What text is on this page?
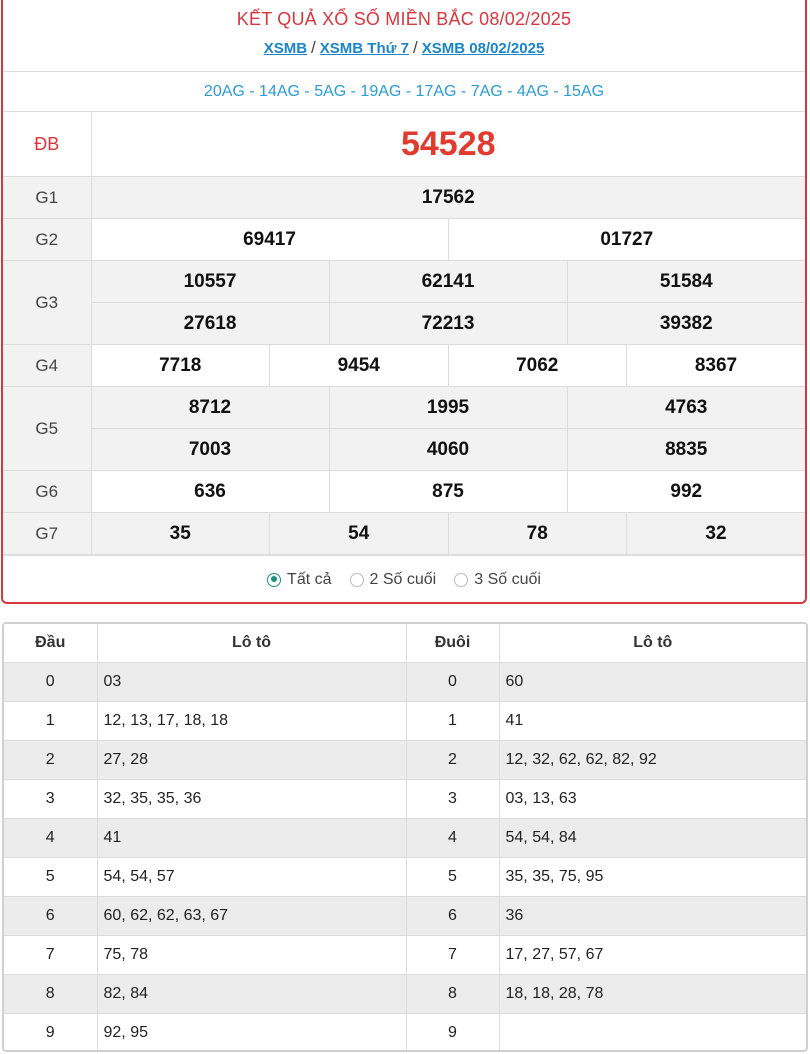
KẾT QUẢ XỔ SỐ MIỀN BẮC 08/02/2025
XSMB / XSMB Thứ 7 / XSMB 08/02/2025
20AG - 14AG - 5AG - 19AG - 17AG - 7AG - 4AG - 15AG
ĐB	54528					
G1	17562					
G2	69417			01727		
G3	10557		62141		51584	
	27618		72213		39382	
G4	7718	9454		7062		8367
G5	8712		1995		4763	
	7003		4060		8835	
G6	636		875		992	
G7	35	54		78		32
Tất cả 2 Số cuối 3 Số cuối
Đầu	Lô tô	Đuôi	Lô tô
0	03	0	60
1	12, 13, 17, 18, 18	1	41
2	27, 28	2	12, 32, 62, 62, 82, 92
3	32, 35, 35, 36	3	03, 13, 63
4	41	4	54, 54, 84
5	54, 54, 57	5	35, 35, 75, 95
6	60, 62, 62, 63, 67	6	36
7	75, 78	7	17, 27, 57, 67
8	82, 84	8	18, 18, 28, 78
9	92, 95	9	
